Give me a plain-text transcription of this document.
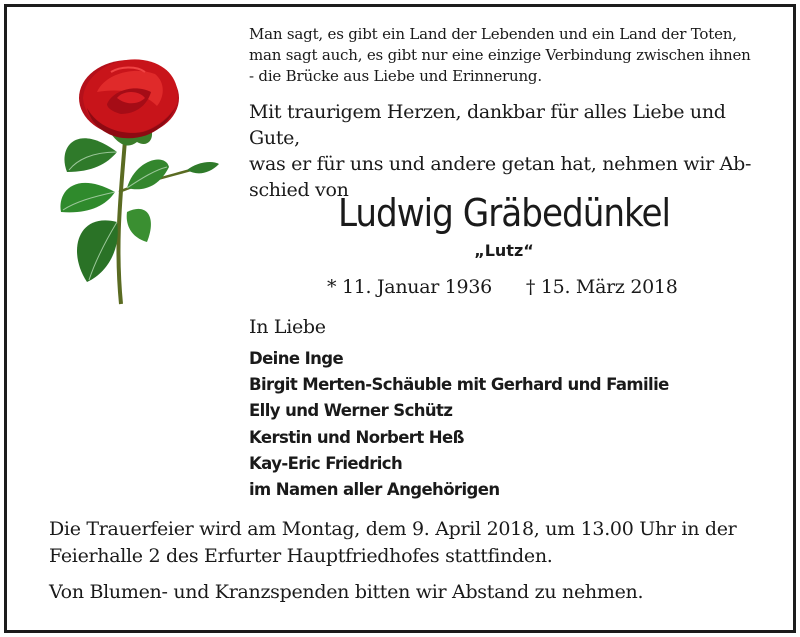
Man sagt, es gibt ein Land der Lebenden und ein Land der Toten,
man sagt auch, es gibt nur eine einzige Verbindung zwischen ihnen
- die Brücke aus Liebe und Erinnerung.
Mit traurigem Herzen, dankbar für alles Liebe und Gute,
was er für uns und andere getan hat, nehmen wir Ab-
schied von
Ludwig Gräbedünkel
„Lutz“
* 11. Januar 1936 † 15. März 2018
In Liebe
Deine Inge
Birgit Merten-Schäuble mit Gerhard und Familie
Elly und Werner Schütz
Kerstin und Norbert Heß
Kay-Eric Friedrich
im Namen aller Angehörigen
Die Trauerfeier wird am Montag, dem 9. April 2018, um 13.00 Uhr in der
Feierhalle 2 des Erfurter Hauptfriedhofes stattfinden.
Von Blumen- und Kranzspenden bitten wir Abstand zu nehmen.
